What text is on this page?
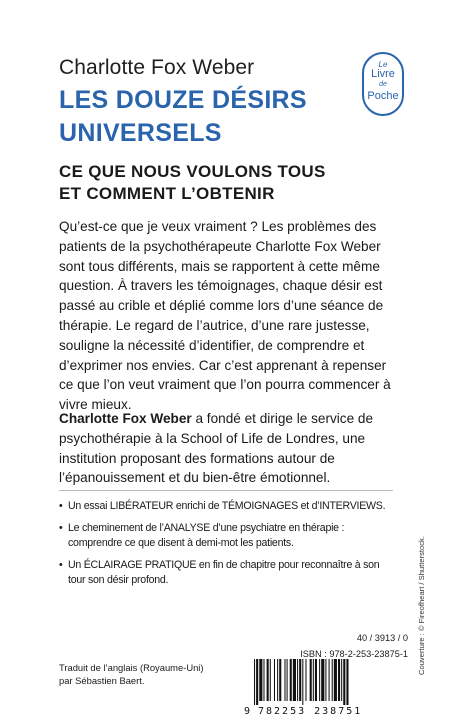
Charlotte Fox Weber
LES DOUZE DÉSIRS
UNIVERSELS
CE QUE NOUS VOULONS TOUS
ET COMMENT L’OBTENIR
Le
Livre
de
Poche

Qu’est-ce que je veux vraiment ? Les problèmes des patients de la psychothérapeute Charlotte Fox Weber sont tous différents, mais se rapportent à cette même question. À travers les témoignages, chaque désir est passé au crible et déplié comme lors d’une séance de thérapie. Le regard de l’autrice, d’une rare justesse, souligne la nécessité d’identifier, de comprendre et d’exprimer nos envies. Car c’est apprenant à repenser ce que l’on veut vraiment que l’on pourra commencer à vivre mieux.

Charlotte Fox Weber a fondé et dirige le service de psychothérapie à la School of Life de Londres, une institution proposant des formations autour de l’épanouissement et du bien-être émotionnel.
• Un essai LIBÉRATEUR enrichi de TÉMOIGNAGES et d’INTERVIEWS.
• Le cheminement de l’ANALYSE d’une psychiatre en thérapie : comprendre ce que disent à demi-mot les patients.
• Un ÉCLAIRAGE PRATIQUE en fin de chapitre pour reconnaître à son tour son désir profond.	Couverture : © Fireofheart / Shutterstock.
40 / 3913 / 0
ISBN : 978-2-253-23875-1
Traduit de l’anglais (Royaume-Uni)
par Sébastien Baert.
9 782253 238751
